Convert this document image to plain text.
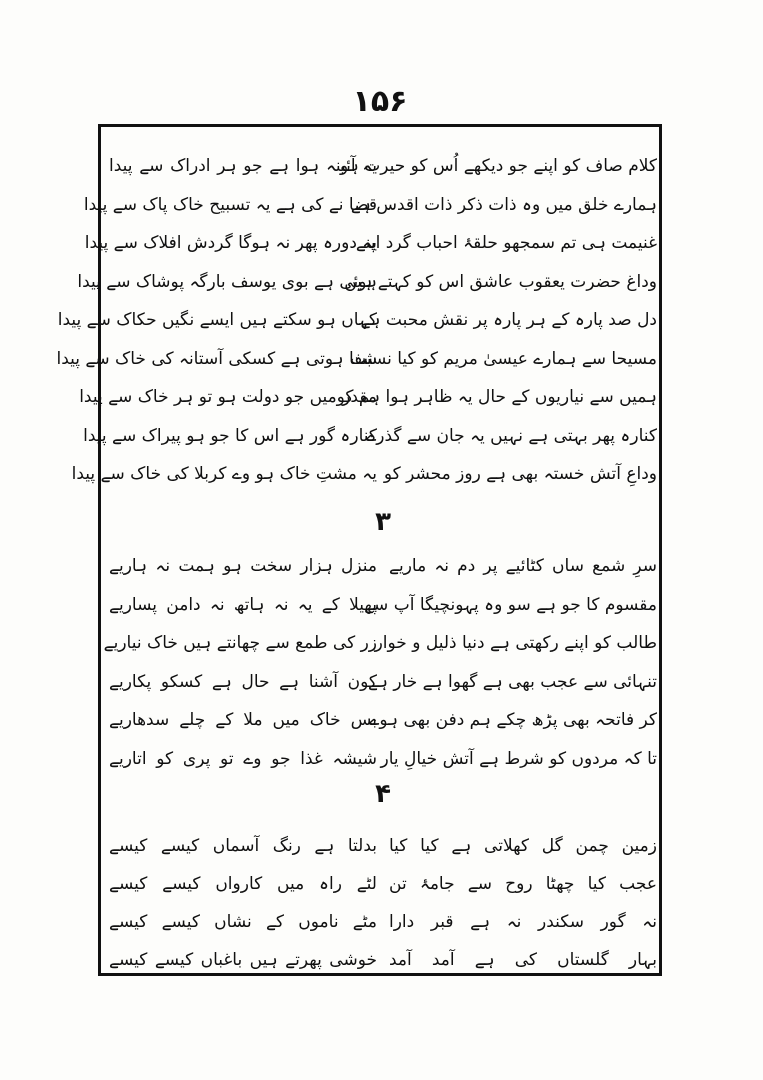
۱۵۶
یہ آئینہ ہوا ہے جو ہر ادراک سے پیدا
قضا نے کی ہے یہ تسبیح خاک پاک سے پیدا
یہ دورہ پھر نہ ہوگا گردش افلاک سے پیدا
ہوئی ہے بوی یوسف بارگہ پوشاک سے پیدا
کہاں ہو سکتے ہیں ایسے نگیں حکاک سے پیدا
شفا ہوتی ہے کسکی آستانہ کی خاک سے پیدا
مقدر میں جو دولت ہو تو ہر خاک سے پیدا
کنارہ گور ہے اس کا جو ہو پیراک سے پیدا
یہ مشتِ خاک ہو وے کربلا کی خاک سے پیدا
کلام صاف کو اپنے جو دیکھے اُس کو حیرت ہو
ہمارے خلق میں وہ ذات ذکر ذات اقدس ہے
غنیمت ہی تم سمجھو حلقۂ احباب گرد اپنے
وداغ حضرت یعقوب عاشق اس کو کہتے ہیں
دل صد پارہ کے ہر پارہ پر نقش محبت ہے
مسیحا سے ہمارے عیسیٰ مریم کو کیا نسبت
ہمیں سے نیاریوں کے حال یہ ظاہر ہوا ہم کو
کنارہ پھر بہتی ہے نہیں یہ جان سے گذرے
وداعِ آتش خستہ بھی ہے روز محشر کو
۳
منزل ہزار سخت ہو ہمت نہ ہاریے
پھیلا کے یہ نہ ہاتھ نہ دامن پساریے
زر کی طمع سے چھانتے ہیں خاک نیاریے
کون آشنا ہے حال ہے کسکو پکاریے
بس خاک میں ملا کے چلے سدھاریے
شیشہ غذا جو وے تو پری کو اتاریے
سرِ شمع ساں کٹائیے پر دم نہ ماریے
مقسوم کا جو ہے سو وہ پہونچیگا آپ سے
طالب کو اپنے رکھتی ہے دنیا ذلیل و خوار
تنہائی سے عجب بھی ہے گھوا ہے خار ہے
کر فاتحہ بھی پڑھ چکے ہم دفن بھی ہوے
تا کہ مردوں کو شرط ہے آتش خیالِ یار
۴
بدلتا ہے رنگ آسماں کیسے کیسے
لٹے راہ میں کارواں کیسے کیسے
مٹے ناموں کے نشاں کیسے کیسے
خوشی پھرتے ہیں باغباں کیسے کیسے
زمین چمن گل کھلاتی ہے کیا کیا
عجب کیا چھٹا روح سے جامۂ تن
نہ گور سکندر نہ ہے قبر دارا
بہار گلستاں کی ہے آمد آمد
